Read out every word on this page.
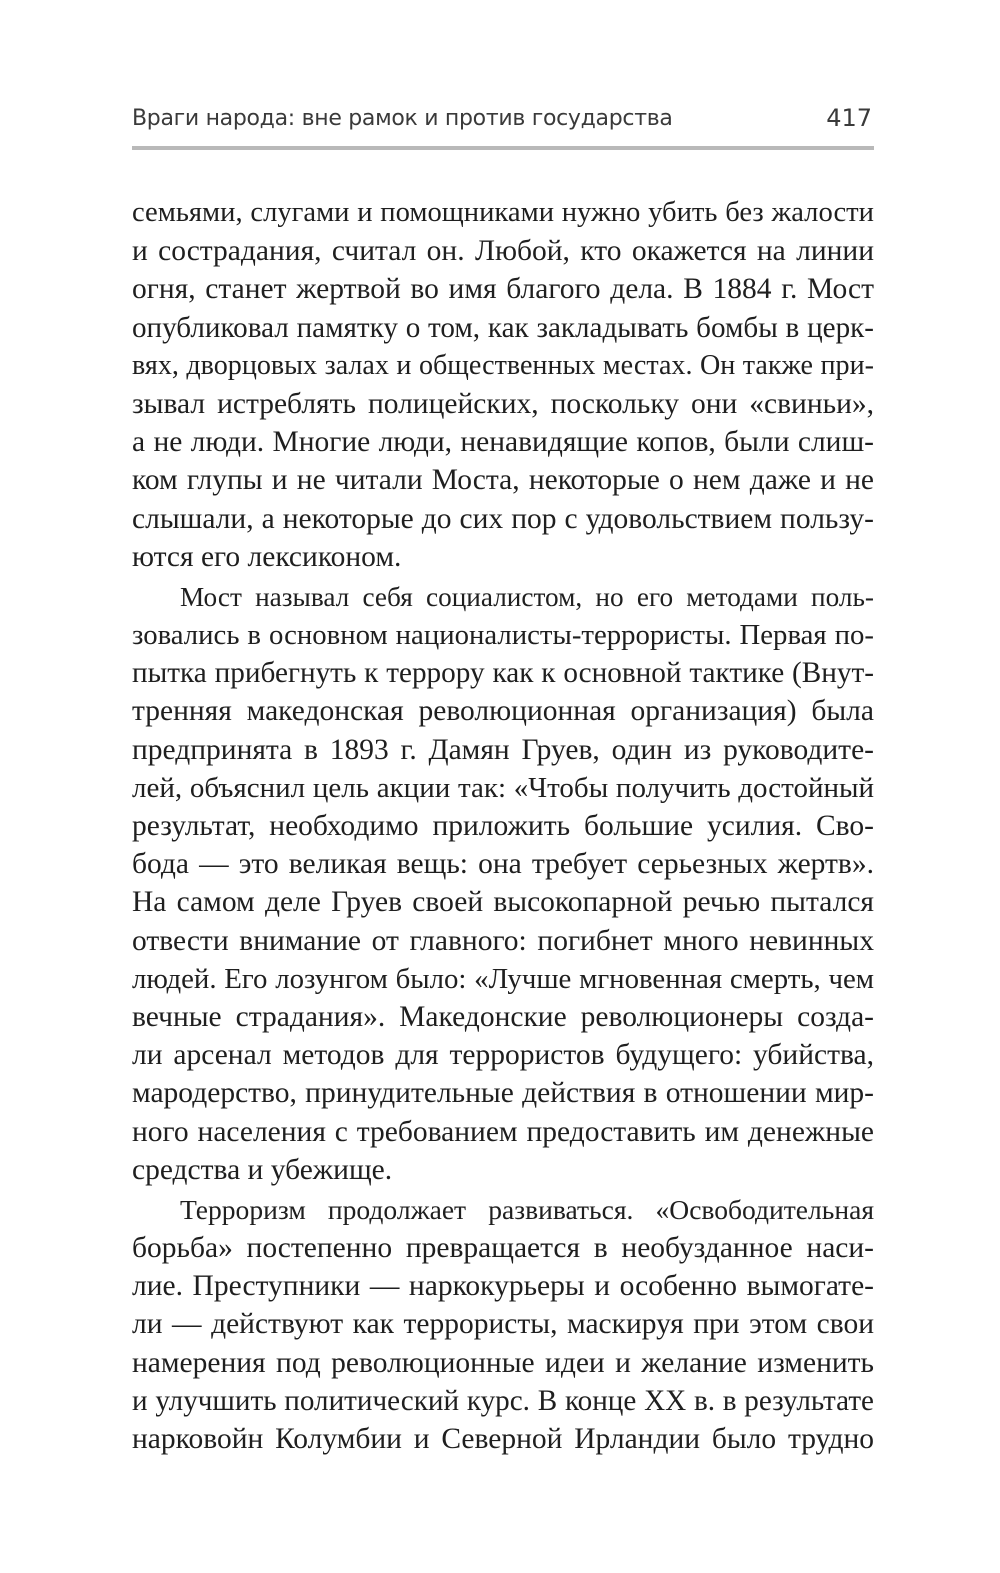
Враги народа: вне рамок и против государства	417
семьями, слугами и помощниками нужно убить без жалости
и сострадания, считал он. Любой, кто окажется на линии
огня, станет жертвой во имя благого дела. В 1884 г. Мост
опубликовал памятку о том, как закладывать бомбы в церк-
вях, дворцовых залах и общественных местах. Он также при-
зывал истреблять полицейских, поскольку они «свиньи»,
а не люди. Многие люди, ненавидящие копов, были слиш-
ком глупы и не читали Моста, некоторые о нем даже и не
слышали, а некоторые до сих пор с удовольствием пользу-
ются его лексиконом.
Мост называл себя социалистом, но его методами поль-
зовались в основном националисты-террористы. Первая по-
пытка прибегнуть к террору как к основной тактике (Внут-
тренняя македонская революционная организация) была
предпринята в 1893 г. Дамян Груев, один из руководите-
лей, объяснил цель акции так: «Чтобы получить достойный
результат, необходимо приложить большие усилия. Сво-
бода — это великая вещь: она требует серьезных жертв».
На самом деле Груев своей высокопарной речью пытался
отвести внимание от главного: погибнет много невинных
людей. Его лозунгом было: «Лучше мгновенная смерть, чем
вечные страдания». Македонские революционеры созда-
ли арсенал методов для террористов будущего: убийства,
мародерство, принудительные действия в отношении мир-
ного населения с требованием предоставить им денежные
средства и убежище.
Терроризм продолжает развиваться. «Освободительная
борьба» постепенно превращается в необузданное наси-
лие. Преступники — наркокурьеры и особенно вымогате-
ли — действуют как террористы, маскируя при этом свои
намерения под революционные идеи и желание изменить
и улучшить политический курс. В конце XX в. в результате
нарковойн Колумбии и Северной Ирландии было трудно
